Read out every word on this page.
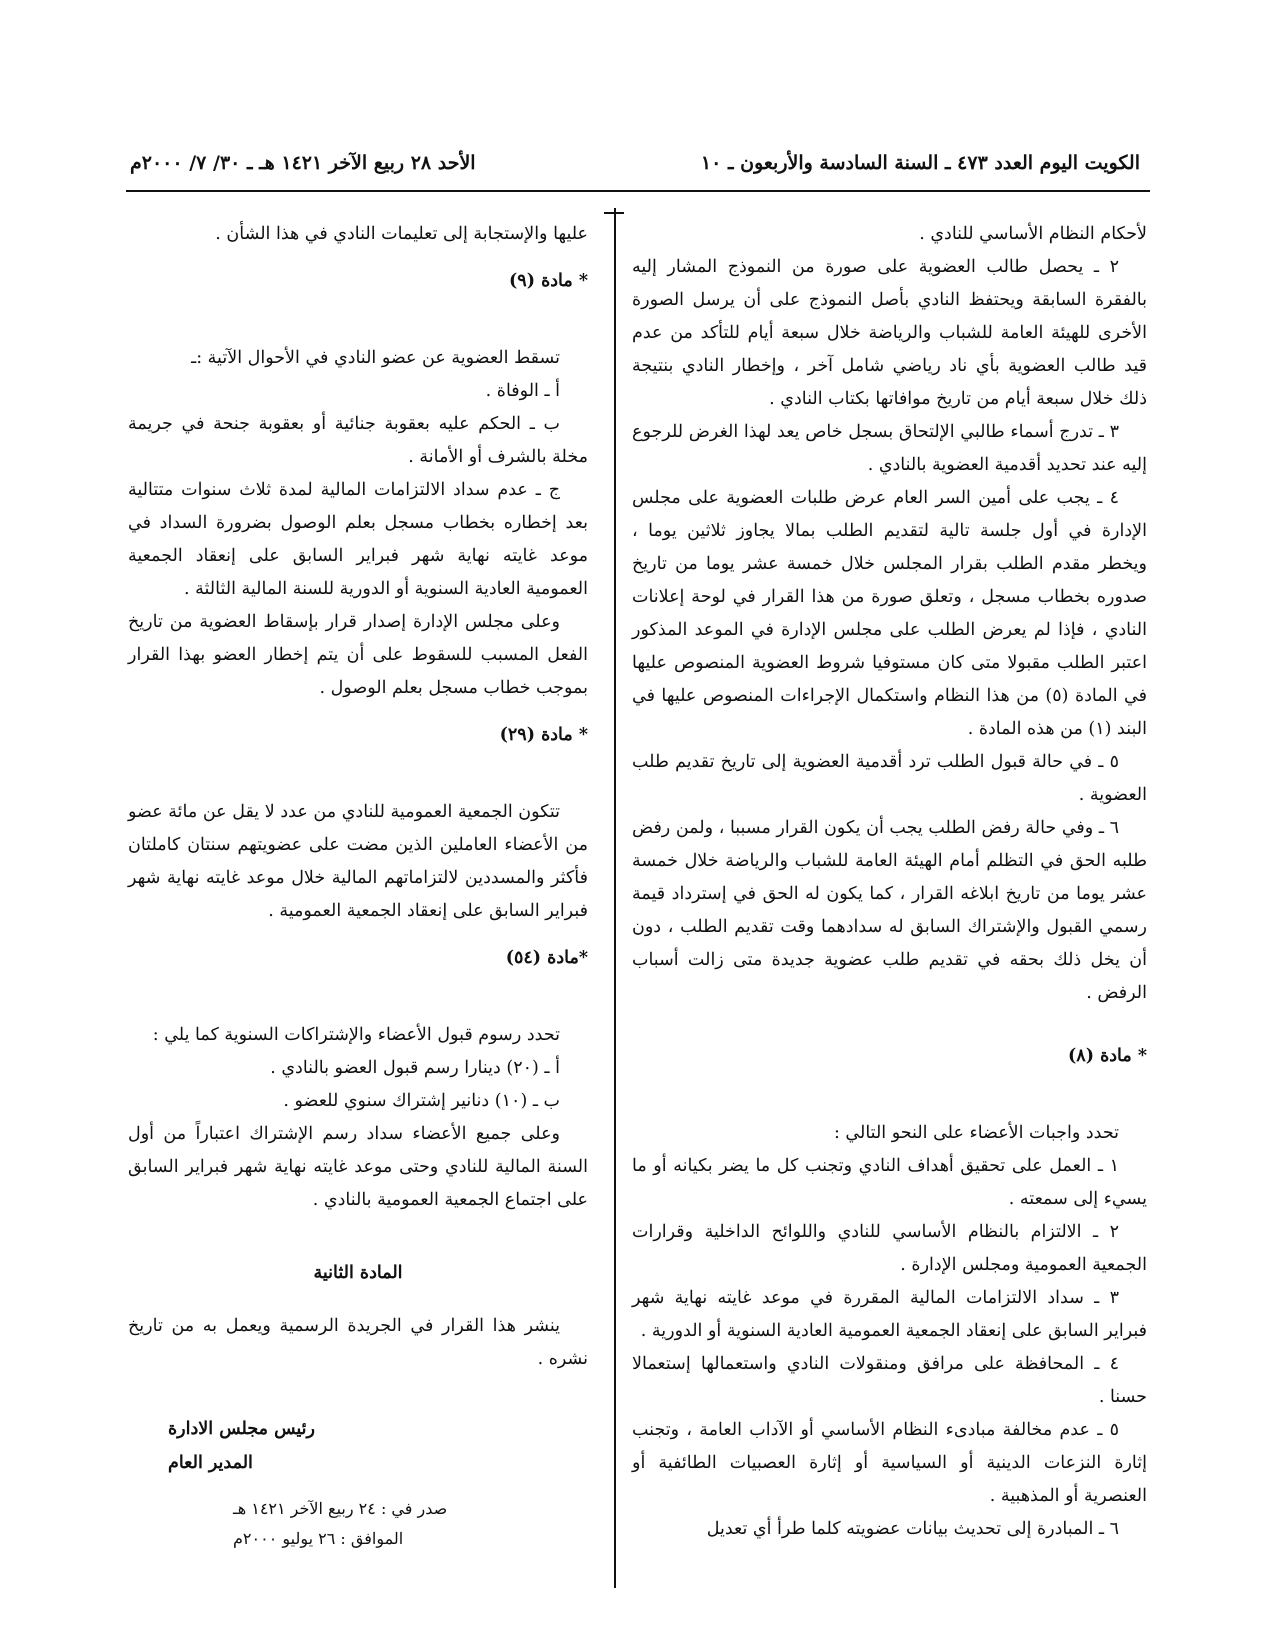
الكويت اليوم العدد ٤٧٣ ـ السنة السادسة والأربعون ـ ١٠
الأحد ٢٨ ربيع الآخر ١٤٢١ هـ ـ ٣٠/ ٧/ ٢٠٠٠م

لأحكام النظام الأساسي للنادي .

٢ ـ يحصل طالب العضوية على صورة من النموذج المشار إليه بالفقرة السابقة ويحتفظ النادي بأصل النموذج على أن يرسل الصورة الأخرى للهيئة العامة للشباب والرياضة خلال سبعة أيام للتأكد من عدم قيد طالب العضوية بأي ناد رياضي شامل آخر ، وإخطار النادي بنتيجة ذلك خلال سبعة أيام من تاريخ موافاتها بكتاب النادي .

٣ ـ تدرج أسماء طالبي الإلتحاق بسجل خاص يعد لهذا الغرض للرجوع إليه عند تحديد أقدمية العضوية بالنادي .

٤ ـ يجب على أمين السر العام عرض طلبات العضوية على مجلس الإدارة في أول جلسة تالية لتقديم الطلب بمالا يجاوز ثلاثين يوما ، ويخطر مقدم الطلب بقرار المجلس خلال خمسة عشر يوما من تاريخ صدوره بخطاب مسجل ، وتعلق صورة من هذا القرار في لوحة إعلانات النادي ، فإذا لم يعرض الطلب على مجلس الإدارة في الموعد المذكور اعتبر الطلب مقبولا متى كان مستوفيا شروط العضوية المنصوص عليها في المادة (٥) من هذا النظام واستكمال الإجراءات المنصوص عليها في البند (١) من هذه المادة .

٥ ـ في حالة قبول الطلب ترد أقدمية العضوية إلى تاريخ تقديم طلب العضوية .

٦ ـ وفي حالة رفض الطلب يجب أن يكون القرار مسببا ، ولمن رفض طلبه الحق في التظلم أمام الهيئة العامة للشباب والرياضة خلال خمسة عشر يوما من تاريخ ابلاغه القرار ، كما يكون له الحق في إسترداد قيمة رسمي القبول والإشتراك السابق له سدادهما وقت تقديم الطلب ، دون أن يخل ذلك بحقه في تقديم طلب عضوية جديدة متى زالت أسباب الرفض .

* مادة (٨)

تحدد واجبات الأعضاء على النحو التالي :

١ ـ العمل على تحقيق أهداف النادي وتجنب كل ما يضر بكيانه أو ما يسيء إلى سمعته .

٢ ـ الالتزام بالنظام الأساسي للنادي واللوائح الداخلية وقرارات الجمعية العمومية ومجلس الإدارة .

٣ ـ سداد الالتزامات المالية المقررة في موعد غايته نهاية شهر فبراير السابق على إنعقاد الجمعية العمومية العادية السنوية أو الدورية .

٤ ـ المحافظة على مرافق ومنقولات النادي واستعمالها إستعمالا حسنا .

٥ ـ عدم مخالفة مبادىء النظام الأساسي أو الآداب العامة ، وتجنب إثارة النزعات الدينية أو السياسية أو إثارة العصبيات الطائفية أو العنصرية أو المذهبية .

٦ ـ المبادرة إلى تحديث بيانات عضويته كلما طرأ أي تعديل

عليها والإستجابة إلى تعليمات النادي في هذا الشأن .

* مادة (٩)

تسقط العضوية عن عضو النادي في الأحوال الآتية :ـ

أ ـ الوفاة .

ب ـ الحكم عليه بعقوبة جنائية أو بعقوبة جنحة في جريمة مخلة بالشرف أو الأمانة .

ج ـ عدم سداد الالتزامات المالية لمدة ثلاث سنوات متتالية بعد إخطاره بخطاب مسجل بعلم الوصول بضرورة السداد في موعد غايته نهاية شهر فبراير السابق على إنعقاد الجمعية العمومية العادية السنوية أو الدورية للسنة المالية الثالثة .

وعلى مجلس الإدارة إصدار قرار بإسقاط العضوية من تاريخ الفعل المسبب للسقوط على أن يتم إخطار العضو بهذا القرار بموجب خطاب مسجل بعلم الوصول .

* مادة (٢٩)

تتكون الجمعية العمومية للنادي من عدد لا يقل عن مائة عضو من الأعضاء العاملين الذين مضت على عضويتهم سنتان كاملتان فأكثر والمسددين لالتزاماتهم المالية خلال موعد غايته نهاية شهر فبراير السابق على إنعقاد الجمعية العمومية .

*مادة (٥٤)

تحدد رسوم قبول الأعضاء والإشتراكات السنوية كما يلي :

أ ـ (٢٠) دينارا رسم قبول العضو بالنادي .

ب ـ (١٠) دنانير إشتراك سنوي للعضو .

وعلى جميع الأعضاء سداد رسم الإشتراك اعتباراً من أول السنة المالية للنادي وحتى موعد غايته نهاية شهر فبراير السابق على اجتماع الجمعية العمومية بالنادي .

المادة الثانية

ينشر هذا القرار في الجريدة الرسمية ويعمل به من تاريخ نشره .

رئيس مجلس الادارة
المدير العام
صدر في : ٢٤ ربيع الآخر ١٤٢١ هـ
الموافق : ٢٦ يوليو ٢٠٠٠م
